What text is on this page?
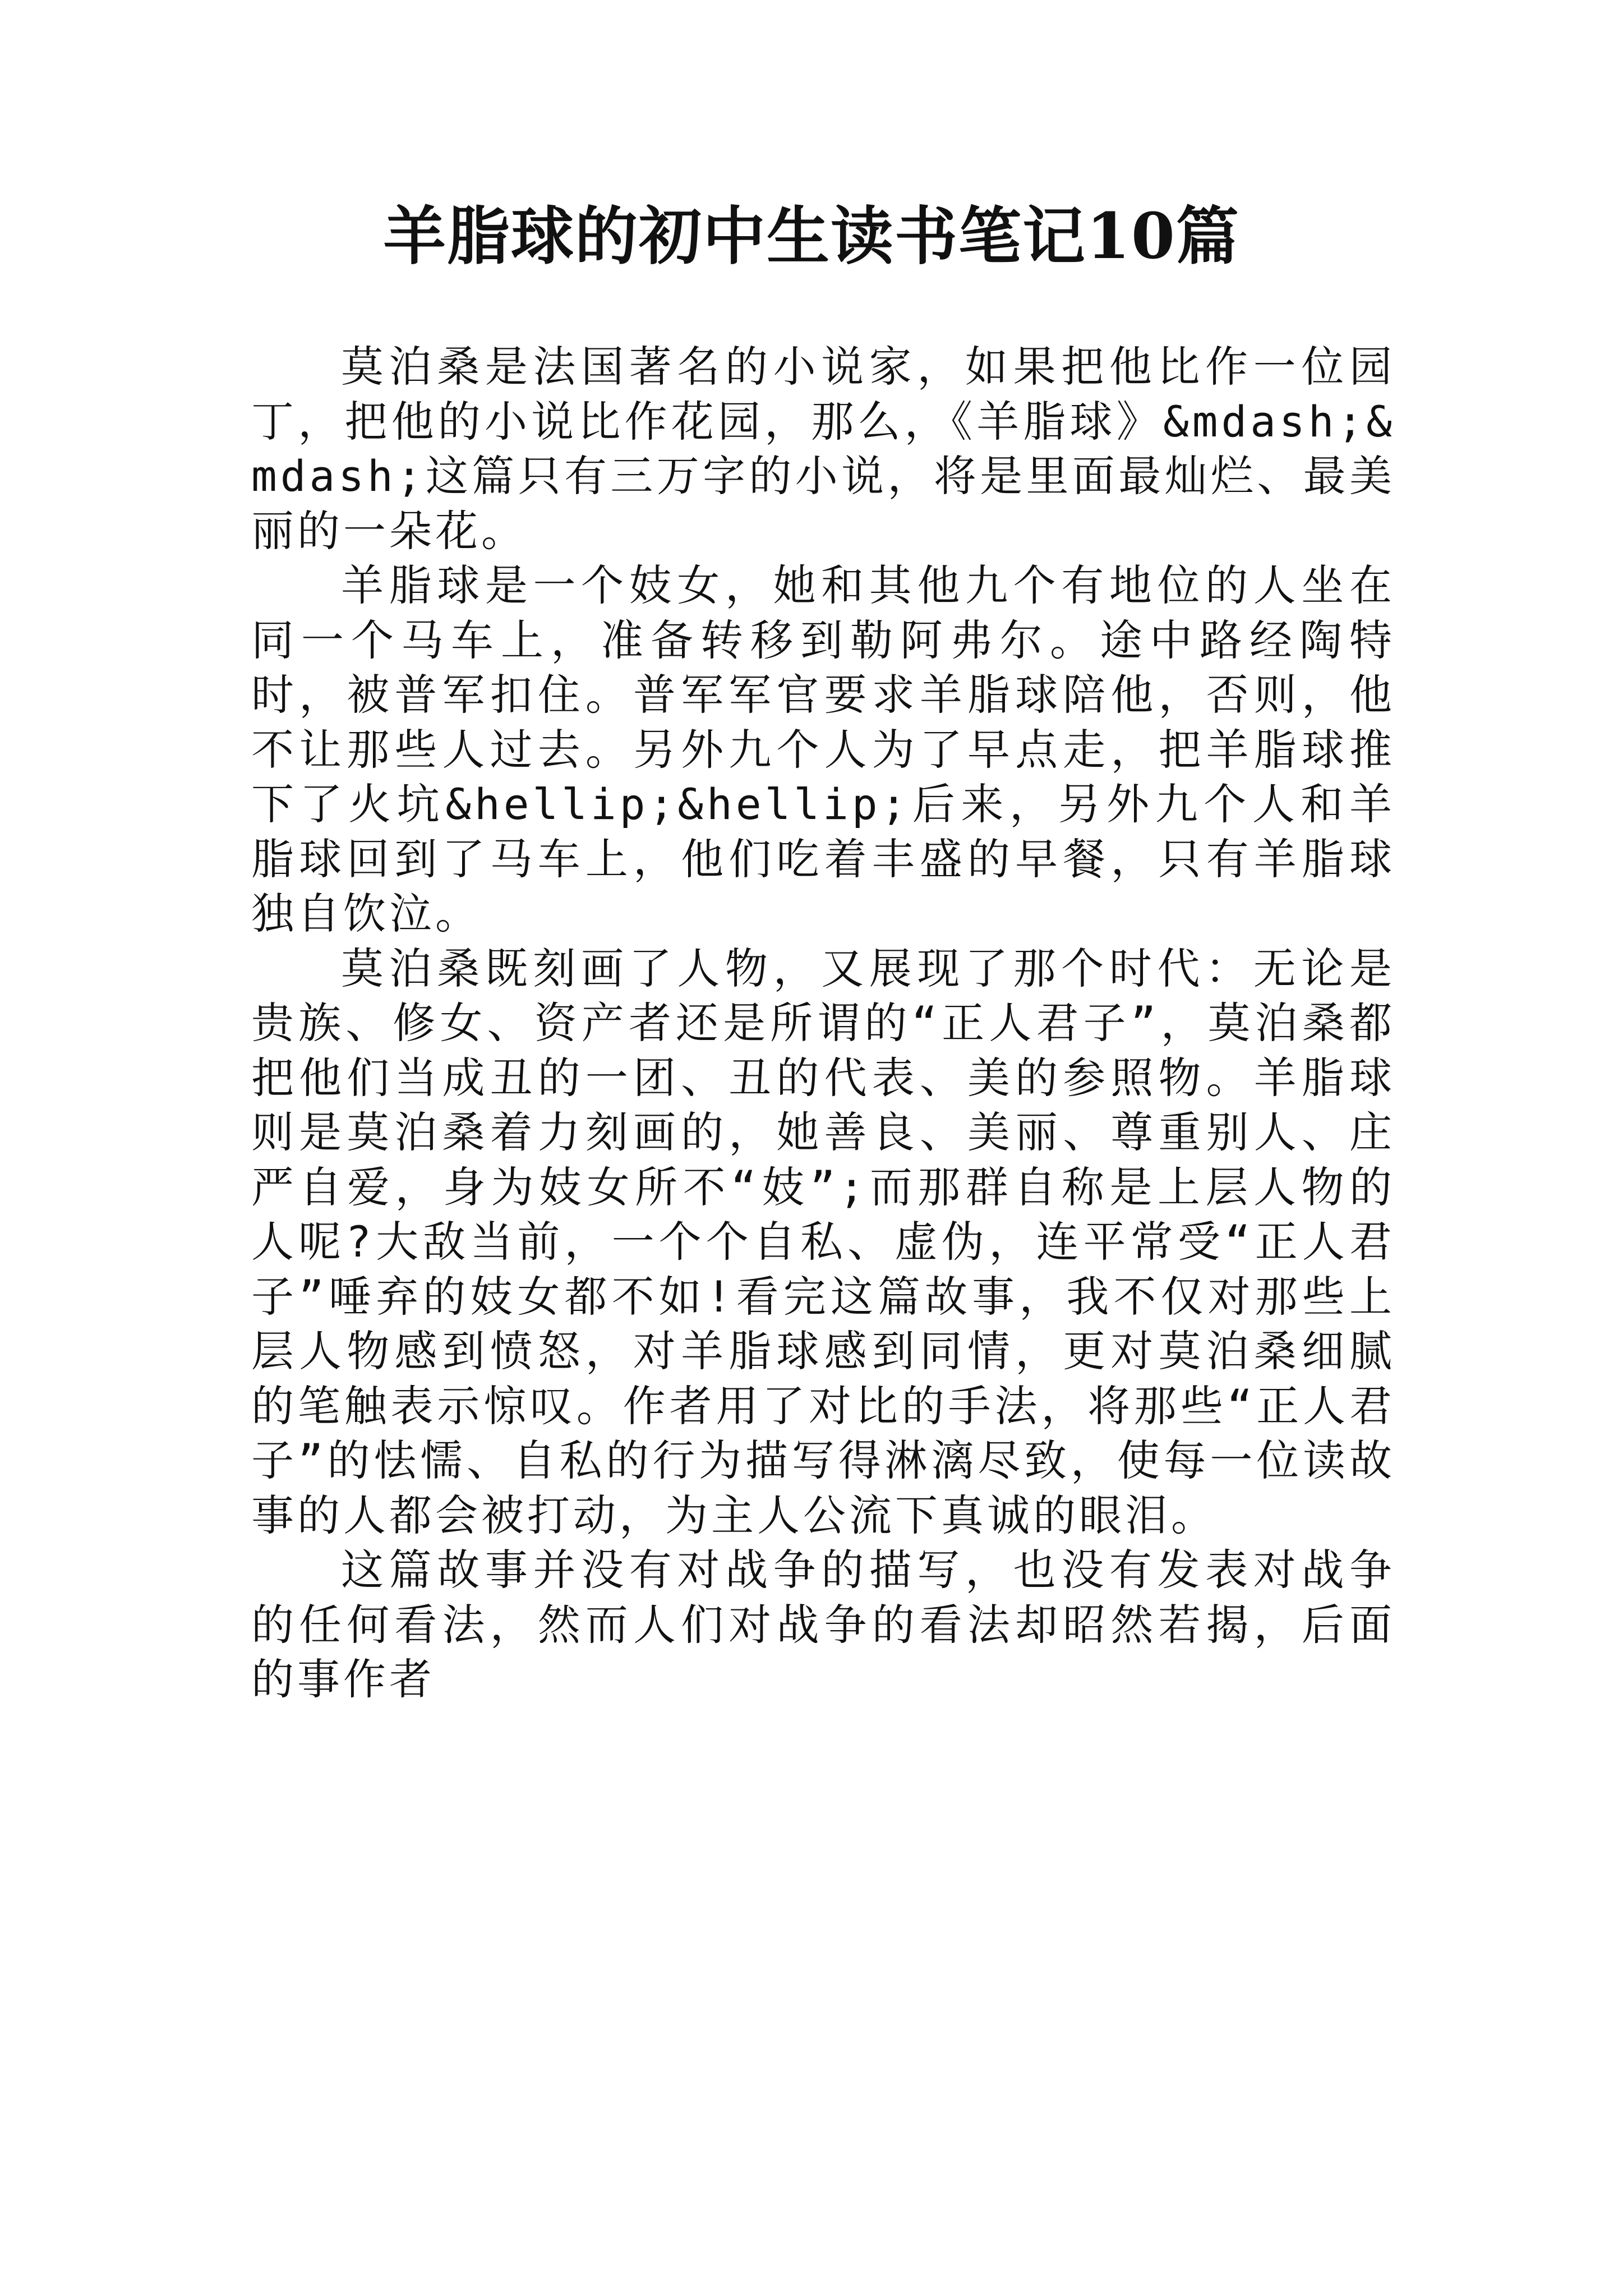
羊脂球的初中生读书笔记10篇

莫泊桑是法国著名的小说家，如果把他比作一位园丁，把他的小说比作花园，那么，《羊脂球》&mdash;&mdash;这篇只有三万字的小说，将是里面最灿烂、最美丽的一朵花。

羊脂球是一个妓女，她和其他九个有地位的人坐在同一个马车上，准备转移到勒阿弗尔。途中路经陶特时，被普军扣住。普军军官要求羊脂球陪他，否则，他不让那些人过去。另外九个人为了早点走，把羊脂球推下了火坑&hellip;&hellip;后来，另外九个人和羊脂球回到了马车上，他们吃着丰盛的早餐，只有羊脂球独自饮泣。

莫泊桑既刻画了人物，又展现了那个时代：无论是贵族、修女、资产者还是所谓的“正人君子”，莫泊桑都把他们当成丑的一团、丑的代表、美的参照物。羊脂球则是莫泊桑着力刻画的，她善良、美丽、尊重别人、庄严自爱，身为妓女所不“妓”;而那群自称是上层人物的人呢?大敌当前，一个个自私、虚伪，连平常受“正人君子”唾弃的妓女都不如!看完这篇故事，我不仅对那些上层人物感到愤怒，对羊脂球感到同情，更对莫泊桑细腻的笔触表示惊叹。作者用了对比的手法，将那些“正人君子”的怯懦、自私的行为描写得淋漓尽致，使每一位读故事的人都会被打动，为主人公流下真诚的眼泪。

这篇故事并没有对战争的描写，也没有发表对战争的任何看法，然而人们对战争的看法却昭然若揭，后面的事作者
